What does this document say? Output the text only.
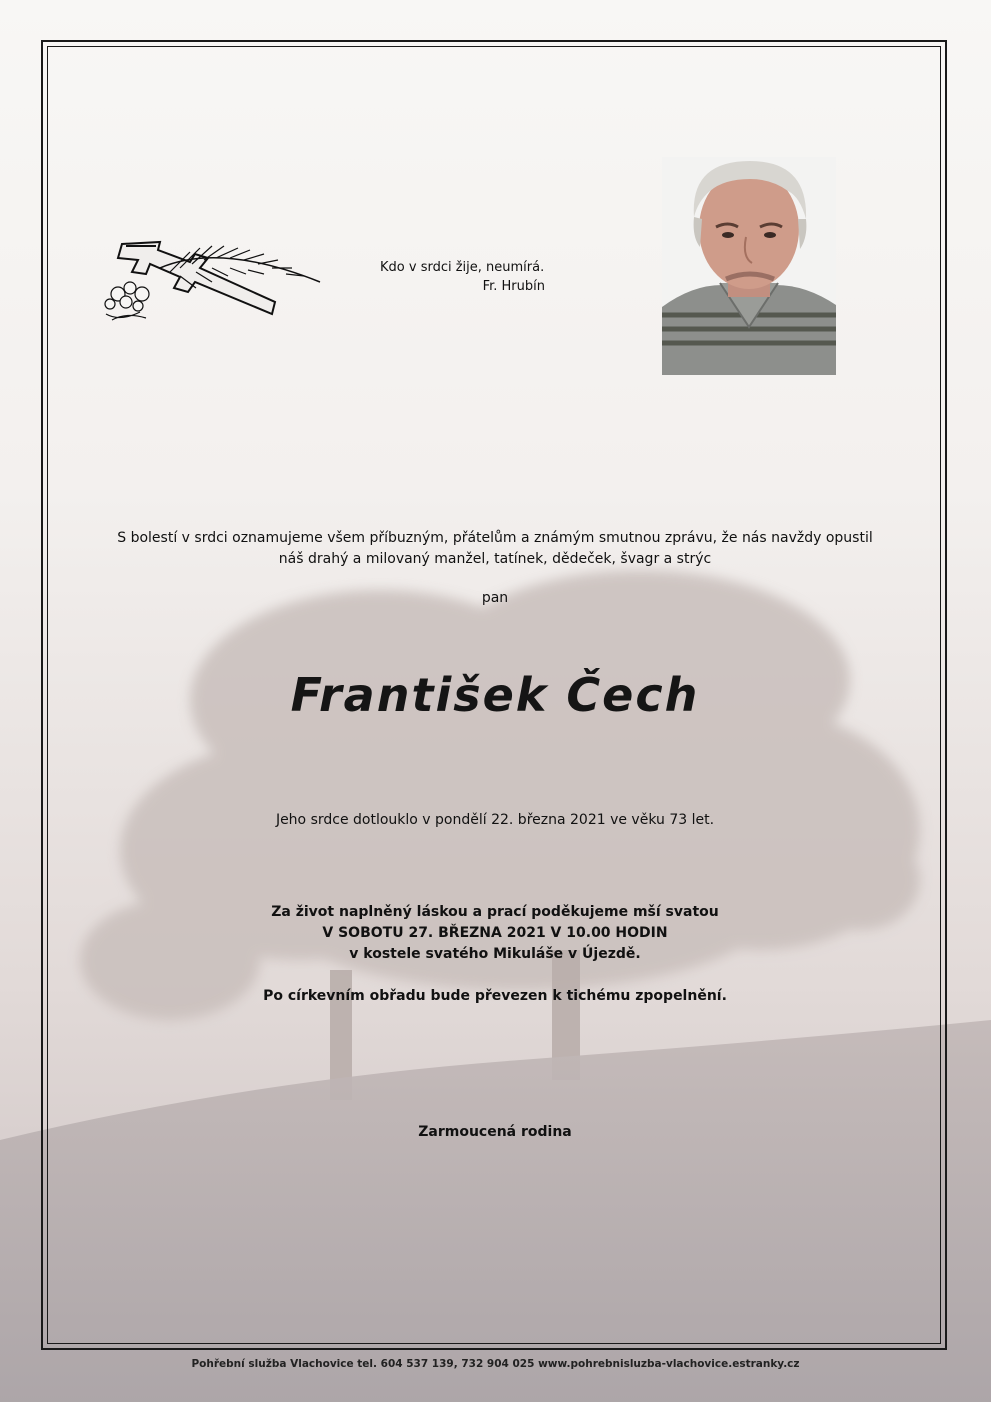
Kdo v srdci žije, neumírá.
Fr. Hrubín
S bolestí v srdci oznamujeme všem příbuzným, přátelům a známým smutnou zprávu, že nás navždy opustil
náš drahý a milovaný manžel, tatínek, dědeček, švagr a strýc
pan
František Čech
Jeho srdce dotlouklo v pondělí 22. března 2021 ve věku 73 let.
Za život naplněný láskou a prací poděkujeme mší svatou
V SOBOTU 27. BŘEZNA 2021 V 10.00 HODIN
v kostele svatého Mikuláše v Újezdě.
Po církevním obřadu bude převezen k tichému zpopelnění.
Zarmoucená rodina
Pohřební služba Vlachovice tel. 604 537 139, 732 904 025 www.pohrebnisluzba-vlachovice.estranky.cz
